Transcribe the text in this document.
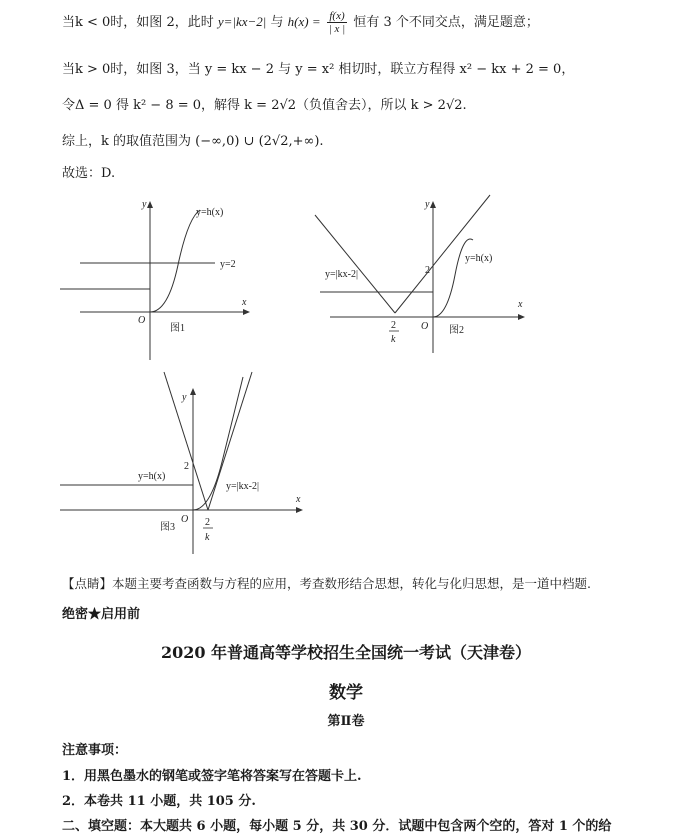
当k < 0时，如图 2，此时 y=|kx−2| 与 $h(x) = \frac{f(x)}{| x |}$ 恒有 3 个不同交点，满足题意；
当k > 0时，如图 3，当 y = kx − 2 与 y = x² 相切时，联立方程得 x² − kx + 2 = 0，
令Δ = 0 得 k² − 8 = 0，解得 k = 2√2（负值舍去），所以 k > 2√2.
综上，k 的取值范围为 (−∞,0) ∪ (2√2,+∞).
故选：D.
y
x
O
y=h(x)
y=2
图1
y
x
O
2
2
k
y=|kx-2|
y=h(x)
图2
y
x
O
2
2
k
y=h(x)
y=|kx-2|
图3
【点睛】本题主要考查函数与方程的应用，考查数形结合思想，转化与化归思想，是一道中档题.
绝密★启用前
2020 年普通高等学校招生全国统一考试（天津卷）
数学
第Ⅱ卷
注意事项：
1．用黑色墨水的钢笔或签字笔将答案写在答题卡上.
2．本卷共 11 小题，共 105 分.
二、填空题：本大题共 6 小题，每小题 5 分，共 30 分．试题中包含两个空的，答对 1 个的给
